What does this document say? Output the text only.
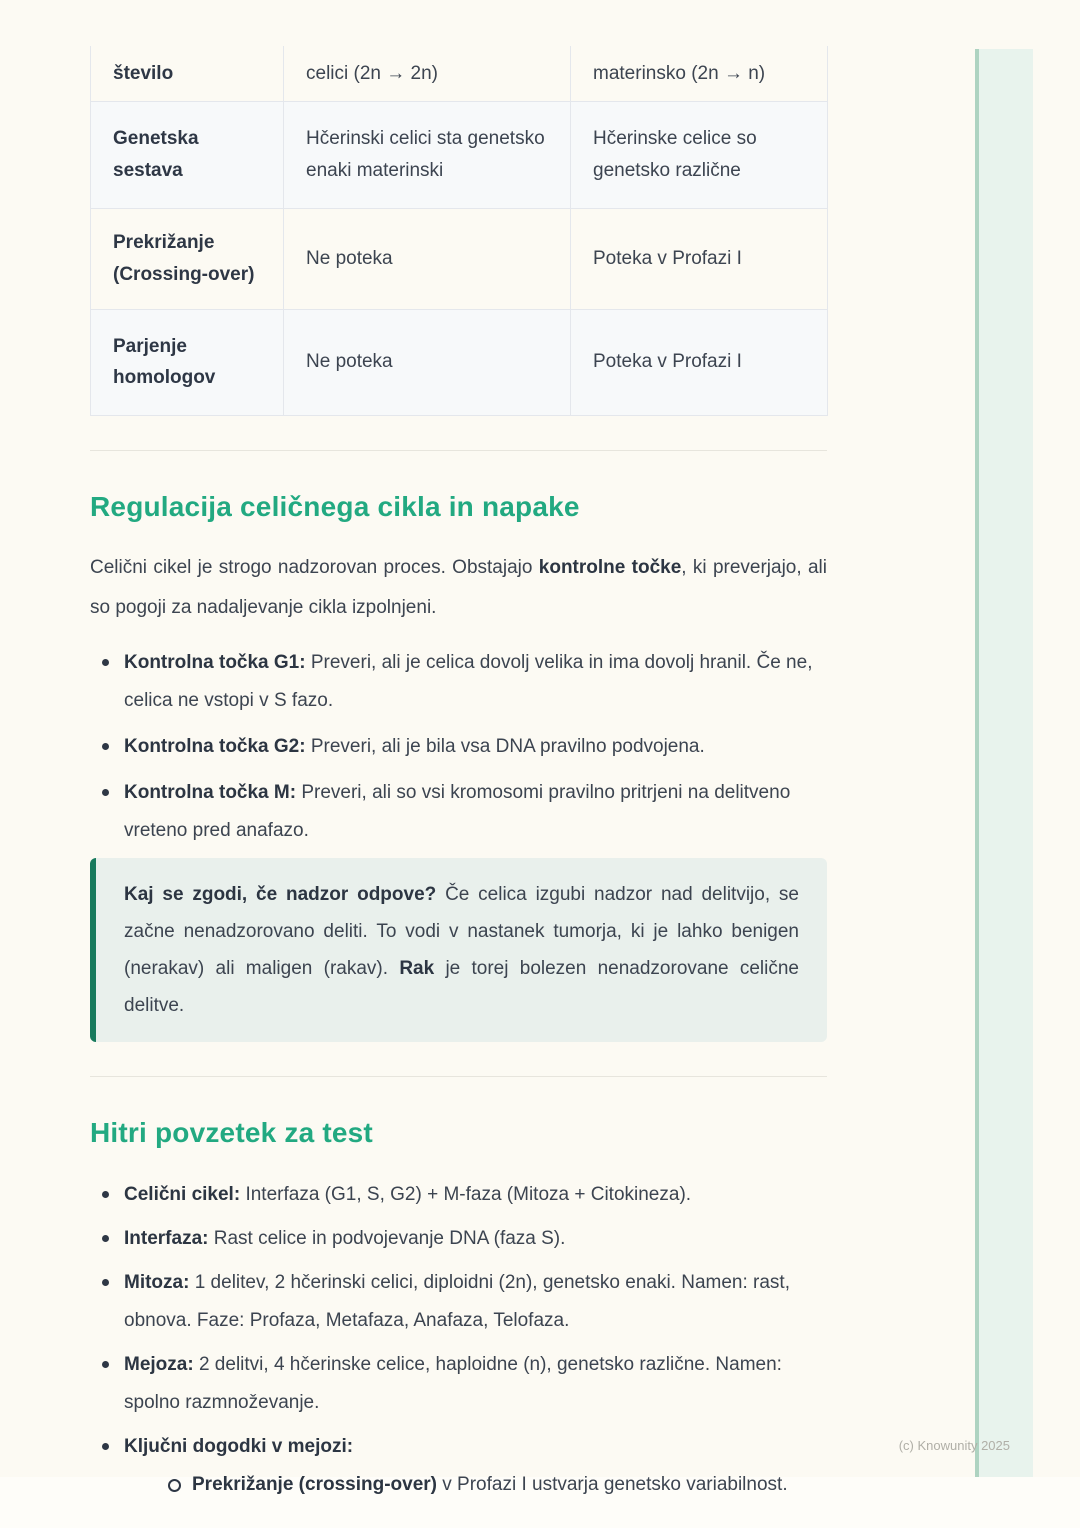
število	celici (2n → 2n)	materinsko (2n → n)
Genetska sestava	Hčerinski celici sta genetsko enaki materinski	Hčerinske celice so genetsko različne
Prekrižanje (Crossing-over)	Ne poteka	Poteka v Profazi I
Parjenje homologov	Ne poteka	Poteka v Profazi I
Regulacija celičnega cikla in napake

Celični cikel je strogo nadzorovan proces. Obstajajo kontrolne točke, ki preverjajo, ali so pogoji za nadaljevanje cikla izpolnjeni.

Kontrolna točka G1: Preveri, ali je celica dovolj velika in ima dovolj hranil. Če ne, celica ne vstopi v S fazo.
Kontrolna točka G2: Preveri, ali je bila vsa DNA pravilno podvojena.
Kontrolna točka M: Preveri, ali so vsi kromosomi pravilno pritrjeni na delitveno vreteno pred anafazo.

Kaj se zgodi, če nadzor odpove? Če celica izgubi nadzor nad delitvijo, se začne nenadzorovano deliti. To vodi v nastanek tumorja, ki je lahko benigen (nerakav) ali maligen (rakav). Rak je torej bolezen nenadzorovane celične delitve.

Hitri povzetek za test
Celični cikel: Interfaza (G1, S, G2) + M-faza (Mitoza + Citokineza).
Interfaza: Rast celice in podvojevanje DNA (faza S).
Mitoza: 1 delitev, 2 hčerinski celici, diploidni (2n), genetsko enaki. Namen: rast, obnova. Faze: Profaza, Metafaza, Anafaza, Telofaza.
Mejoza: 2 delitvi, 4 hčerinske celice, haploidne (n), genetsko različne. Namen: spolno razmnoževanje.
Ključni dogodki v mejozi:
Prekrižanje (crossing-over) v Profazi I ustvarja genetsko variabilnost.
(c) Knowunity 2025
